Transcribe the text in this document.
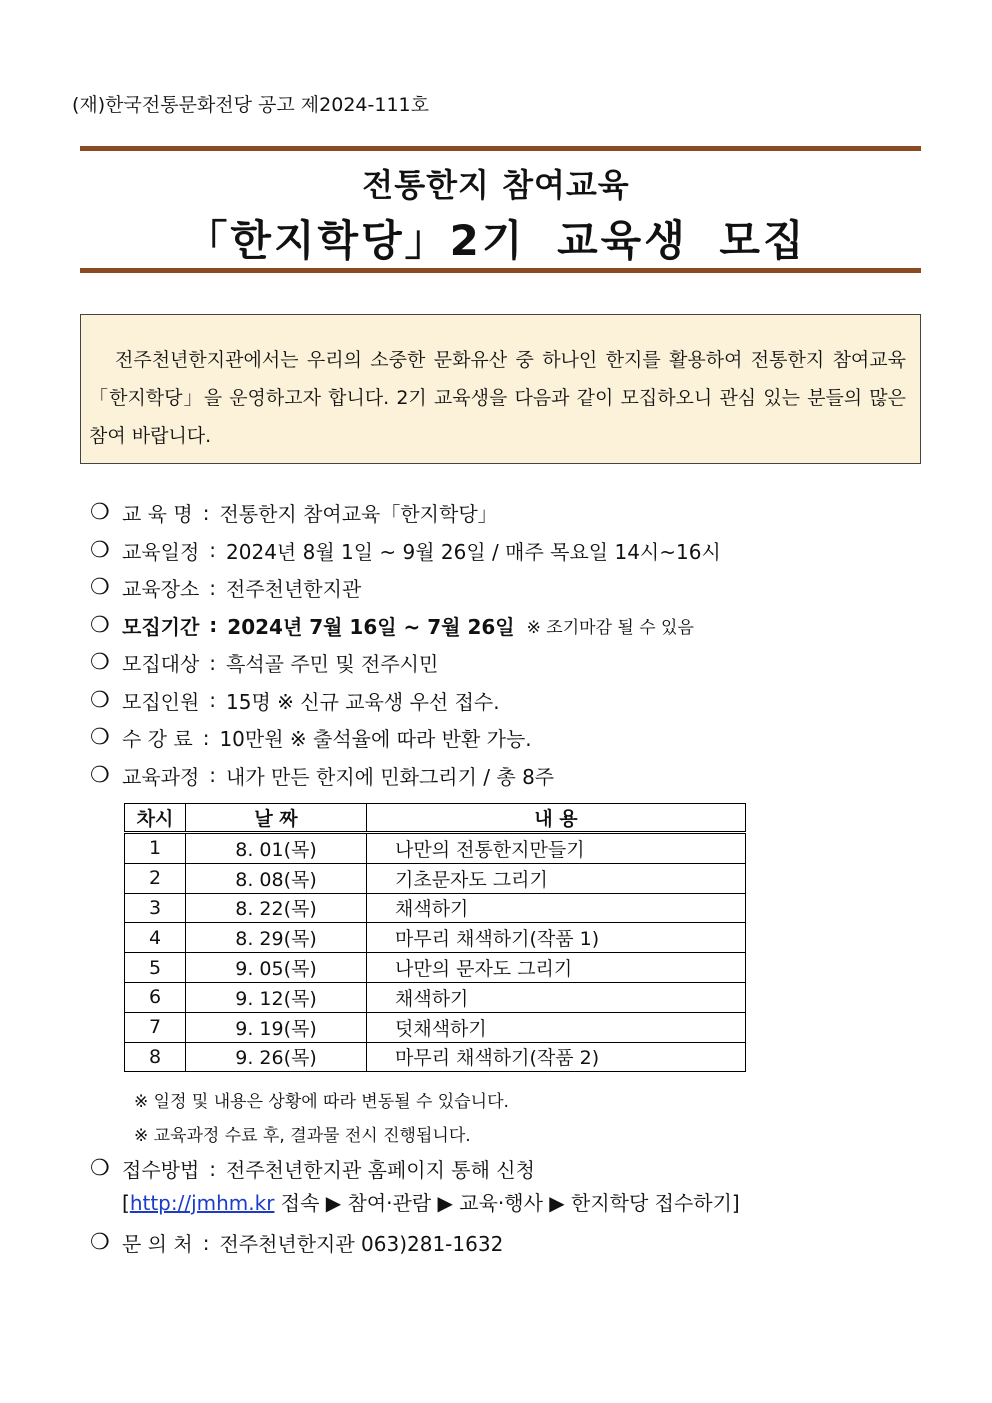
(재)한국전통문화전당 공고 제2024-111호
전통한지 참여교육
「한지학당」2기 교육생 모집

전주천년한지관에서는 우리의 소중한 문화유산 중 하나인 한지를 활용하여 전통한지 참여교육「한지학당」을 운영하고자 합니다. 2기 교육생을 다음과 같이 모집하오니 관심 있는 분들의 많은 참여 바랍니다.

❍ 교 육 명 : 전통한지 참여교육「한지학당」
❍ 교육일정 : 2024년 8월 1일 ~ 9월 26일 / 매주 목요일 14시~16시
❍ 교육장소 : 전주천년한지관
❍ 모집기간 : 2024년 7월 16일 ~ 7월 26일 ※ 조기마감 될 수 있음
❍ 모집대상 : 흑석골 주민 및 전주시민
❍ 모집인원 : 15명 ※ 신규 교육생 우선 접수.
❍ 수 강 료 : 10만원 ※ 출석율에 따라 반환 가능.
❍ 교육과정 : 내가 만든 한지에 민화그리기 / 총 8주
차시	날 짜	내 용
1	8. 01(목)	나만의 전통한지만들기
2	8. 08(목)	기초문자도 그리기
3	8. 22(목)	채색하기
4	8. 29(목)	마무리 채색하기(작품 1)
5	9. 05(목)	나만의 문자도 그리기
6	9. 12(목)	채색하기
7	9. 19(목)	덧채색하기
8	9. 26(목)	마무리 채색하기(작품 2)
※ 일정 및 내용은 상황에 따라 변동될 수 있습니다.
※ 교육과정 수료 후, 결과물 전시 진행됩니다.
❍ 접수방법 : 전주천년한지관 홈페이지 통해 신청
[http://jmhm.kr 접속 ▶ 참여·관람 ▶ 교육·행사 ▶ 한지학당 접수하기]
❍ 문 의 처 : 전주천년한지관 063)281-1632
